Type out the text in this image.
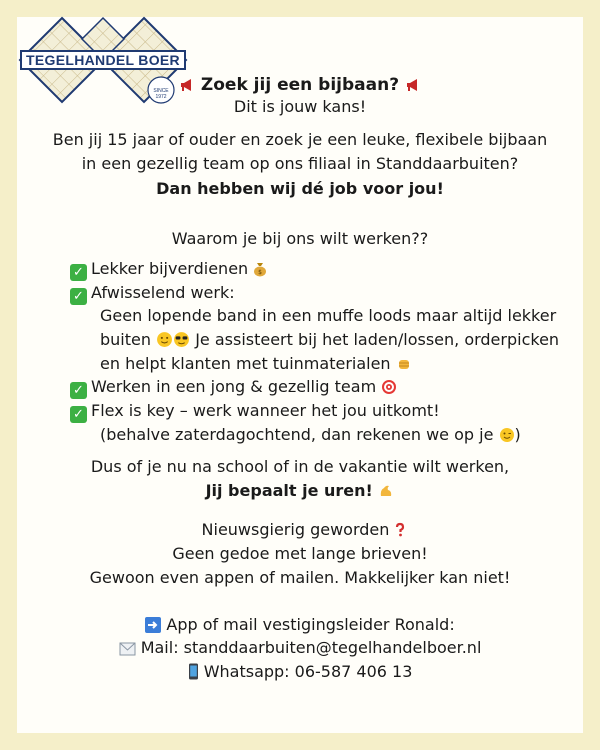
TEGELHANDEL BOER
SINCE 1972
Zoek jij een bijbaan?
Dit is jouw kans!
Ben jij 15 jaar of ouder en zoek je een leuke, flexibele bijbaan
in een gezellig team op ons filiaal in Standdaarbuiten?
Dan hebben wij dé job voor jou!
Waarom je bij ons wilt werken??
✓ Lekker bijverdienen $
✓ Afwisselend werk:
Geen lopende band in een muffe loods maar altijd lekker
buiten	Je assisteert bij het laden/lossen, orderpicken
en helpt klanten met tuinmaterialen
✓ Werken in een jong & gezellig team
✓ Flex is key – werk wanneer het jou uitkomt!
(behalve zaterdagochtend, dan rekenen we op je )
Dus of je nu na school of in de vakantie wilt werken,
Jij bepaalt je uren!
Nieuwsgierig geworden
Geen gedoe met lange brieven!
Gewoon even appen of mailen. Makkelijker kan niet!
App of mail vestigingsleider Ronald:
Mail: standdaarbuiten@tegelhandelboer.nl
Whatsapp: 06-587 406 13
